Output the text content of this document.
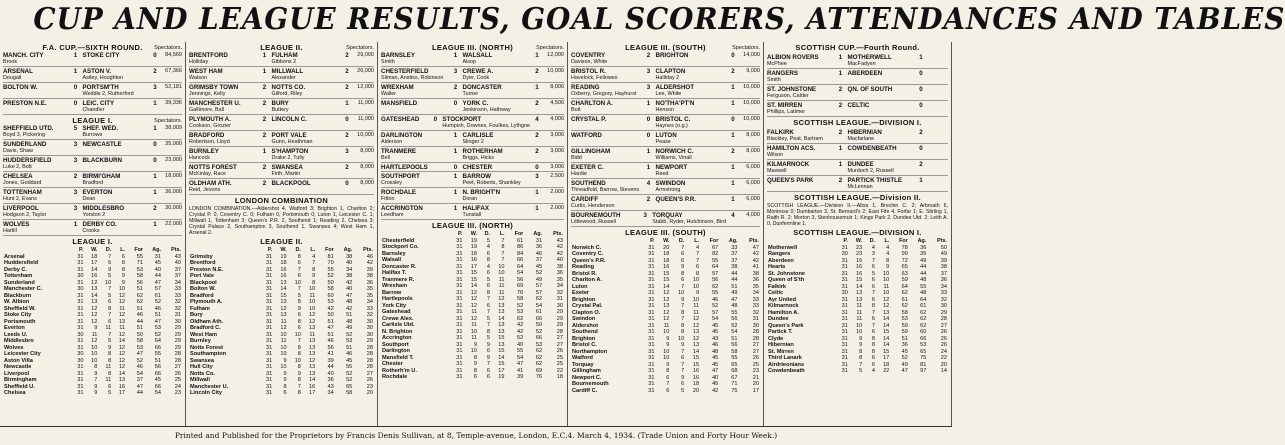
CUP AND LEAGUE RESULTS, GOAL SCORERS, ATTENDANCES AND TABLES
F.A. CUP.—SIXTH ROUND.	Spectators.
MANCH. CITY	1 STOKE CITY	0	84,569
Brook
ARSENAL	1 ASTON V.	2	67,366
Dougall	Astley, Houghton
BOLTON W.	0 PORTSM'TH	3	52,181
Weddle 2, Rutherford
PRESTON N.E.	0 LEIC. CITY	1	39,336
Chandler
LEAGUE I.	Spectators.
SHEFFIELD UTD.	5 SHEF. WED.	1	38,009
Boyd 3, Pickering	Burrows
SUNDERLAND	3 NEWCASTLE	0	35,000
Davis, Shaw
HUDDERSFIELD	3 BLACKBURN	0	23,000
Luke 2, Bott
CHELSEA	2 BIRMI'GHAM	1	18,000
Jones, Goddard	Bradford
TOTTENHAM	3 EVERTON	1	36,000
Hunt 2, Evans	Dean
LIVERPOOL	3 MIDDLESBRO	2	30,000
Hodgson 2, Taylor	Yorston 2
WOLVES	1 DERBY CO.	1	22,000
Hartill	Crooks
LEAGUE I.
	P.	W.	D.	L.	For	Ag.	Pts.
Arsenal	31	18	7	6	55	31	43
Huddersfield	31	17	6	8	71	45	40
Derby C.	31	14	9	8	53	40	37
Tottenham	30	16	5	9	58	44	37
Sunderland	31	12	10	9	56	47	34
Manchester C.	30	13	7	10	51	57	33
Blackburn	31	14	5	12	62	61	33
W. Albion	31	13	6	12	62	52	32
Sheffield W.	31	12	8	11	51	46	32
Stoke City	31	12	7	12	46	51	31
Portsmouth	31	12	6	13	44	47	30
Everton	31	9	11	11	51	53	29
Leeds U.	30	11	7	12	50	52	29
Middlesbro	31	12	5	14	58	64	29
Wolves	31	10	9	12	53	66	29
Leicester City	30	10	8	12	47	55	28
Aston Villa	30	10	8	12	52	51	28
Newcastle	31	8	11	12	46	56	27
Liverpool	31	9	8	14	54	66	26
Birmingham	31	7	11	13	37	45	25
Sheffield U.	31	9	6	16	47	66	24
Chelsea	31	9	5	17	44	54	23
LEAGUE II.	Spectators.
BRENTFORD	1 FULHAM	2	29,000
Holliday	Gibbons 2
WEST HAM	1 MILLWALL	2	26,000
Watson	Alexander
GRIMSBY TOWN	2 NOTTS CO.	2	12,000
Jennings, Kelly	Gilford, Riley
MANCHESTER U.	2 BURY	1	11,000
Gallimore, Ball	Buttery
PLYMOUTH A.	2 LINCOLN C.	0	11,000
Cookson, Grozier
BRADFORD	2 PORT VALE	2	10,000
Robertson, Lloyd	Gunn, Heathman
BURNLEY	1 S'HAMPTON	3	8,000
Hancock	Drake 2, Tully
NOTTS FOREST	2 SWANSEA	2	8,000
McKinlay, Race	Firth, Martin
OLDHAM ATH.	2 BLACKPOOL	0	8,000
Reid, Jevons
LONDON COMBINATION
LONDON COMBINATION.—Aldershot 4, Watford 3; Brighton 1, Charlton 2; Crystal P. 0, Coventry C. 0; Fulham 0, Portsmouth 0; Luton 1, Leicester C. 1; Millwall 1, Tottenham 3; Queen's P.R. 2, Southend 1; Reading 2, Chelsea 3; Crystal Palace 2, Southampton 3, Southend 1, Swansea 4; West Ham 1, Arsenal 2.
LEAGUE II.
	P.	W.	D.	L.	For	Ag.	Pts.
Grimsby	31	19	8	4	81	38	46
Brentford	31	18	6	7	70	40	42
Preston N.E.	31	16	7	8	55	34	39
Port Vale	31	16	6	9	52	38	38
Blackpool	31	13	10	8	50	42	36
Bolton W.	31	14	7	10	58	40	35
Bradford	31	15	5	11	60	47	35
Plymouth A.	31	13	8	10	53	48	34
Fulham	31	12	9	10	42	42	33
Bury	31	13	6	12	50	51	32
Oldham Ath.	31	11	8	12	51	48	30
Bradford C.	31	12	6	13	47	49	30
West Ham	31	10	10	11	51	52	30
Burnley	31	11	7	13	46	53	29
Notts Forest	31	10	8	13	56	51	28
Southampton	31	10	8	13	41	46	28
Swansea	31	9	10	12	39	45	28
Hull City	31	10	8	13	44	55	28
Notts Co.	31	9	9	13	40	52	27
Millwall	31	9	8	14	36	52	26
Manchester U.	31	8	7	16	43	65	23
Lincoln City	31	6	8	17	34	58	20
LEAGUE III. (NORTH)	Spectators.
BARNSLEY	1 WALSALL	1	12,000
Smith	Alsop
CHESTERFIELD	3 CREWE A.	2	10,000
Sliman, Anstiss, Robinson	Dyer, Cook
WREXHAM	2 DONCASTER	1	8,000
Waller	Turner
MANSFIELD	0 YORK C.	2	4,500
Jenkinson, Hathway
GATESHEAD	0 STOCKPORT	4	4,000
Humpish, Downes, Foulkes, Lythgoe
DARLINGTON	1 CARLISLE	2	3,000
Alderson	Slinger 2
TRANMERE	1 ROTHERHAM	2	3,000
Bell	Briggs, Hicks
HARTLEPOOLS	0 CHESTER	0	3,000
SOUTHPORT	1 BARROW	3	2,500
Crossley	Peet, Roberts, Shankley
ROCHDALE	1 N. BRIGHT'N	1	2,000
Fitton	Doran
ACCRINGTON	1 HALIFAX	1	2,000
Leedham	Tunstall
LEAGUE III. (NORTH)
	P.	W.	D.	L.	For	Ag.	Pts.
Chesterfield	31	19	5	7	61	31	43
Stockport Co.	31	19	4	8	86	36	42
Barnsley	31	18	6	7	84	46	42
Walsall	31	16	8	7	66	37	40
Doncaster R.	31	17	4	10	64	45	38
Halifax T.	31	15	6	10	54	52	36
Tranmere R.	31	15	5	11	56	49	35
Wrexham	31	14	6	11	69	57	34
Barrow	31	12	8	11	76	57	32
Hartlepools	31	12	7	12	58	62	31
York City	31	12	6	13	52	54	30
Gateshead	31	11	7	13	53	61	29
Crewe Alex.	31	12	5	14	62	66	29
Carlisle Utd.	31	11	7	13	42	50	29
N. Brighton	31	10	8	13	42	52	28
Accrington	31	11	5	15	52	66	27
Southport	31	9	9	13	40	53	27
Darlington	31	10	6	15	55	62	26
Mansfield T.	31	8	9	14	54	62	25
Chester	31	9	7	15	47	62	25
Rotherh'm U.	31	8	6	17	41	69	22
Rochdale	31	6	6	19	39	76	18
LEAGUE III. (SOUTH)	Spectators.
COVENTRY	2 BRIGHTON	0	14,000
Davison, White
BRISTOL R.	3 CLAPTON	2	9,000
Havelock, Fellowes	Halliday 2
READING	3 ALDERSHOT	1	10,000
Oxberry, Gregory, Hayhurst	Lee, White
CHARLTON A.	1 NO'THA'PT'N	1	10,000
Butt	Henson
CRYSTAL P.	0 BRISTOL C.	0	10,000
Haynes (o.g.)
WATFORD	0 LUTON	1	8,000
Pease
GILLINGHAM	1 NORWICH C.	2	8,000
Bidd	Williams, Vinall
EXETER C.	1 NEWPORT	1	6,000
Hardie	Reed
SOUTHEND	4 SWINDON	1	6,000
Threadfold, Barrow, Stevens	Armstrong
CARDIFF	2 QUEEN'S P.R.	1	6,000
Curtis, Henderson
BOURNEMOUTH	3 TORQUAY	4	4,000
Littlewood, Russell	Stabb, Ryder, Hutchinson, Bird
LEAGUE III. (SOUTH)
	P.	W.	D.	L.	For	Ag.	Pts.
Norwich C.	31	20	7	4	67	33	47
Coventry C.	31	18	6	7	82	37	42
Queen's P.R.	31	18	6	7	55	37	42
Reading	31	16	9	6	64	38	41
Bristol R.	31	15	8	8	57	44	38
Charlton A.	31	15	6	10	56	44	36
Luton	31	14	7	10	62	51	35
Exeter	31	12	10	9	55	49	34
Brighton	31	12	9	10	46	47	33
Crystal Pal.	31	13	7	11	52	48	33
Clapton O.	31	12	8	11	57	55	32
Swindon	31	12	7	12	54	56	31
Aldershot	31	11	8	12	45	52	30
Southend	31	10	8	13	45	54	28
Brighton	31	9	10	12	43	51	28
Bristol C.	31	9	9	13	46	56	27
Northampton	31	10	7	14	48	58	27
Watford	31	10	6	15	45	55	26
Torquay	31	9	7	15	45	65	25
Gillingham	31	8	7	16	47	68	23
Newport C.	31	6	9	16	40	67	21
Bournemouth	31	7	6	18	45	71	20
Cardiff C.	31	6	5	20	42	75	17
SCOTTISH CUP.—Fourth Round.
ALBION ROVERS	1 MOTHERWELL	1
McPhee	MacFadyen
RANGERS	1 ABERDEEN	0
Smith
ST. JOHNSTONE	2 QN. OF SOUTH	0
Ferguson, Calder
ST. MIRREN	2 CELTIC	0
Phillips, Latimer
SCOTTISH LEAGUE.—DIVISION I.
FALKIRK	2 HIBERNIAN	2
Blackley, Peat, Bartram	Macfarlane
HAMILTON ACS.	1 COWDENBEATH	0
Wilson
KILMARNOCK	1 DUNDEE	2
Maxwell	Murdoch 2, Russell
QUEEN'S PARK	2 PARTICK THISTLE	1
McLennan
SCOTTISH LEAGUE.—Division II.
SCOTTISH LEAGUE.—Division II.—Alloa 1, Brechin C. 2; Arbroath 6, Montrose 0; Dumbarton 3, St. Bernard's 2; East Fife 4, Forfar 1; E. Stirling 1, Raith R. 2; Morton 3, Stenhousemuir 1; Kings Park 2, Dundee Utd. 2; Leith A. 0, Dunfermline 1.
SCOTTISH LEAGUE.—DIVISION I.
	P.	W.	D.	L.	For	Ag.	Pts.
Motherwell	31	23	4	4	78	36	50
Rangers	30	23	3	4	99	35	49
Aberdeen	31	16	7	8	72	49	39
Hearts	31	16	6	9	65	44	38
St. Johnstone	31	16	5	10	63	44	37
Queen of S'th	31	15	6	10	59	48	36
Falkirk	31	14	6	11	64	55	34
Celtic	30	13	7	10	62	48	33
Ayr United	31	13	6	12	61	64	32
Kilmarnock	31	11	8	12	62	61	30
Hamilton A.	31	11	7	13	58	62	29
Dundee	31	11	6	14	53	62	28
Queen's Park	31	10	7	14	59	62	27
Partick T.	31	10	6	15	59	60	26
Clyde	31	9	8	14	51	66	26
Hibernian	31	9	8	14	36	53	26
St. Mirren	31	8	8	15	45	65	24
Third Lanark	31	8	6	17	52	75	22
Airdrieonians	31	7	6	18	49	81	20
Cowdenbeath	31	5	4	22	47	97	14
Printed and Published for the Proprietors by Francis Denis Sullivan, at 8, Temple-avenue, London, E.C.4. March 4, 1934. (Trade Union and Forty Hour Week.)
